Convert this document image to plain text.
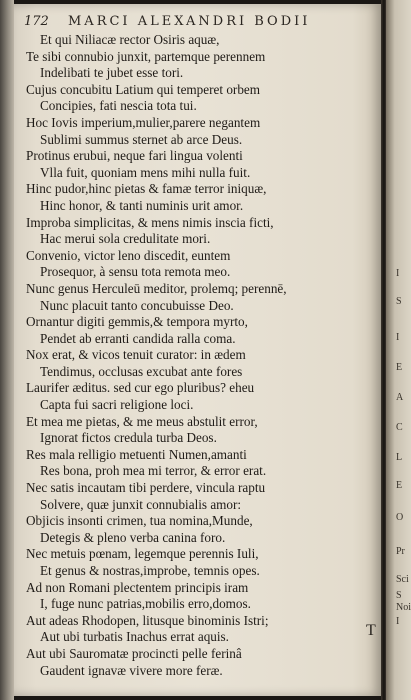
172 MARCI ALEXANDRI BODII
Et qui Niliacæ rector Osiris aquæ,
Te sibi connubio junxit, partemque perennem
Indelibati te jubet esse tori.
Cujus concubitu Latium qui temperet orbem
Concipies, fati nescia tota tui.
Hoc Iovis imperium,mulier,parere negantem
Sublimi summus sternet ab arce Deus.
Protinus erubui, neque fari lingua volenti
Vlla fuit, quoniam mens mihi nulla fuit.
Hinc pudor,hinc pietas & famæ terror iniquæ,
Hinc honor, & tanti numinis urit amor.
Improba simplicitas, & mens nimis inscia ficti,
Hac merui sola credulitate mori.
Convenio, victor leno discedit, euntem
Prosequor, à sensu tota remota meo.
Nunc genus Herculeū meditor, prolemq; perennē,
Nunc placuit tanto concubuisse Deo.
Ornantur digiti gemmis,& tempora myrto,
Pendet ab erranti candida ralla coma.
Nox erat, & vicos tenuit curator: in ædem
Tendimus, occlusas excubat ante fores
Laurifer æditus. sed cur ego pluribus? eheu
Capta fui sacri religione loci.
Et mea me pietas, & me meus abstulit error,
Ignorat fictos credula turba Deos.
Res mala relligio metuenti Numen,amanti
Res bona, proh mea mi terror, & error erat.
Nec satis incautam tibi perdere, vincula raptu
Solvere, quæ junxit connubialis amor:
Objicis insonti crimen, tua nomina,Munde,
Detegis & pleno verba canina foro.
Nec metuis pœnam, legemque perennis Iuli,
Et genus & nostras,improbe, temnis opes.
Ad non Romani plectentem principis iram
I, fuge nunc patrias,mobilis erro,domos.
Aut adeas Rhodopen, litusque binominis Istri;
Aut ubi turbatis Inachus errat aquis.
Aut ubi Sauromatæ procincti pelle ferinâ
Gaudent ignavæ vivere more feræ.
T
I
S
I
E
A
C
L
E
O
Pr
Sci
S
Noi
I
